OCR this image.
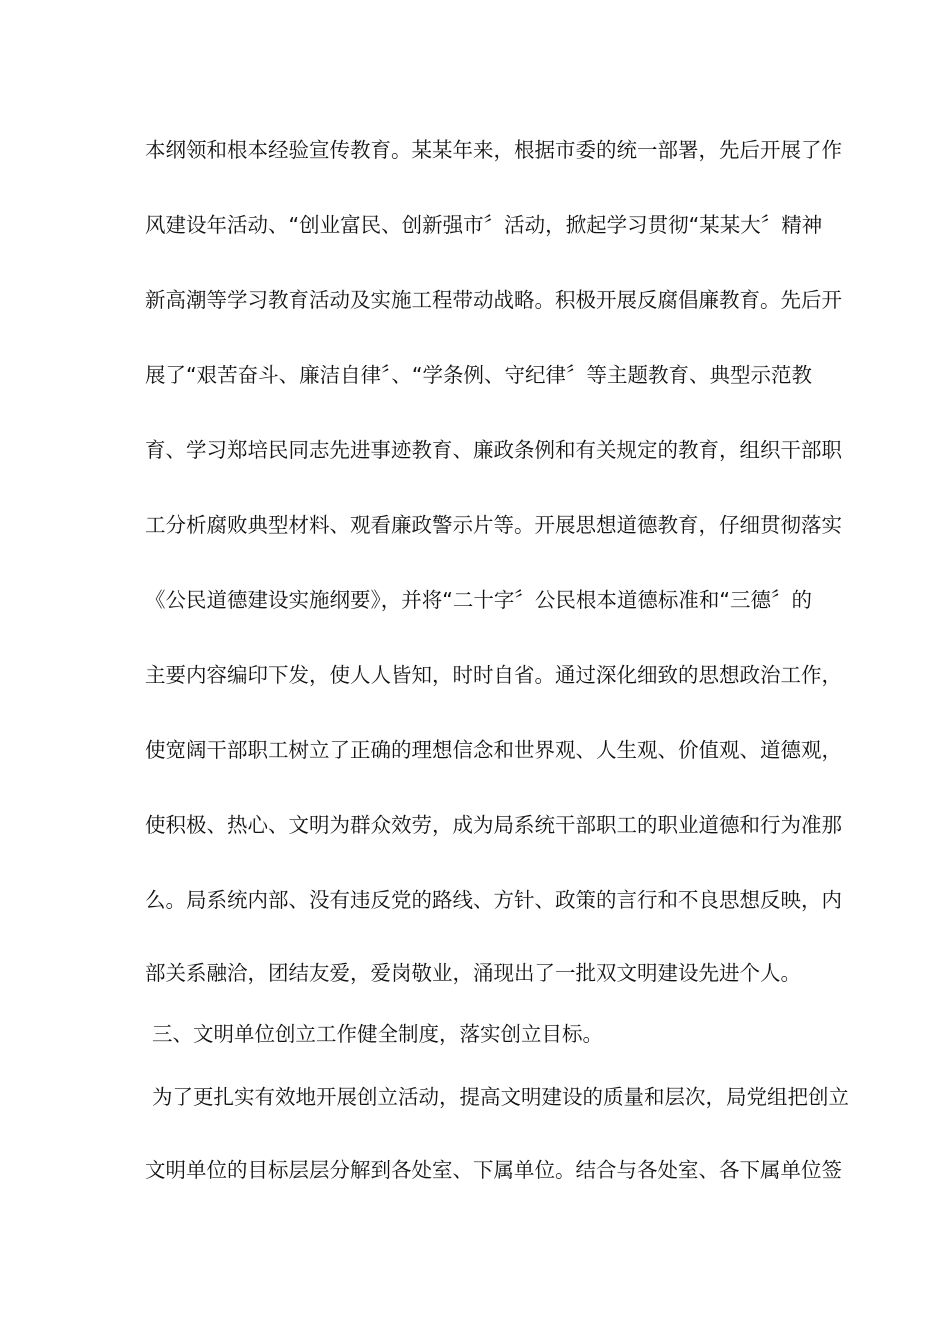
本纲领和根本经验宣传教育。某某年来，根据市委的统一部署，先后开展了作
风建设年活动、“创业富民、创新强市〞活动，掀起学习贯彻“某某大〞精神
新高潮等学习教育活动及实施工程带动战略。积极开展反腐倡廉教育。先后开
展了“艰苦奋斗、廉洁自律〞、“学条例、守纪律〞等主题教育、典型示范教
育、学习郑培民同志先进事迹教育、廉政条例和有关规定的教育，组织干部职
工分析腐败典型材料、观看廉政警示片等。开展思想道德教育，仔细贯彻落实
《公民道德建设实施纲要》，并将“二十字〞公民根本道德标准和“三德〞的
主要内容编印下发，使人人皆知，时时自省。通过深化细致的思想政治工作，
使宽阔干部职工树立了正确的理想信念和世界观、人生观、价值观、道德观，
使积极、热心、文明为群众效劳，成为局系统干部职工的职业道德和行为准那
么。局系统内部、没有违反党的路线、方针、政策的言行和不良思想反映，内
部关系融洽，团结友爱，爱岗敬业，涌现出了一批双文明建设先进个人。
三、文明单位创立工作健全制度，落实创立目标。
为了更扎实有效地开展创立活动，提高文明建设的质量和层次，局党组把创立
文明单位的目标层层分解到各处室、下属单位。结合与各处室、各下属单位签
